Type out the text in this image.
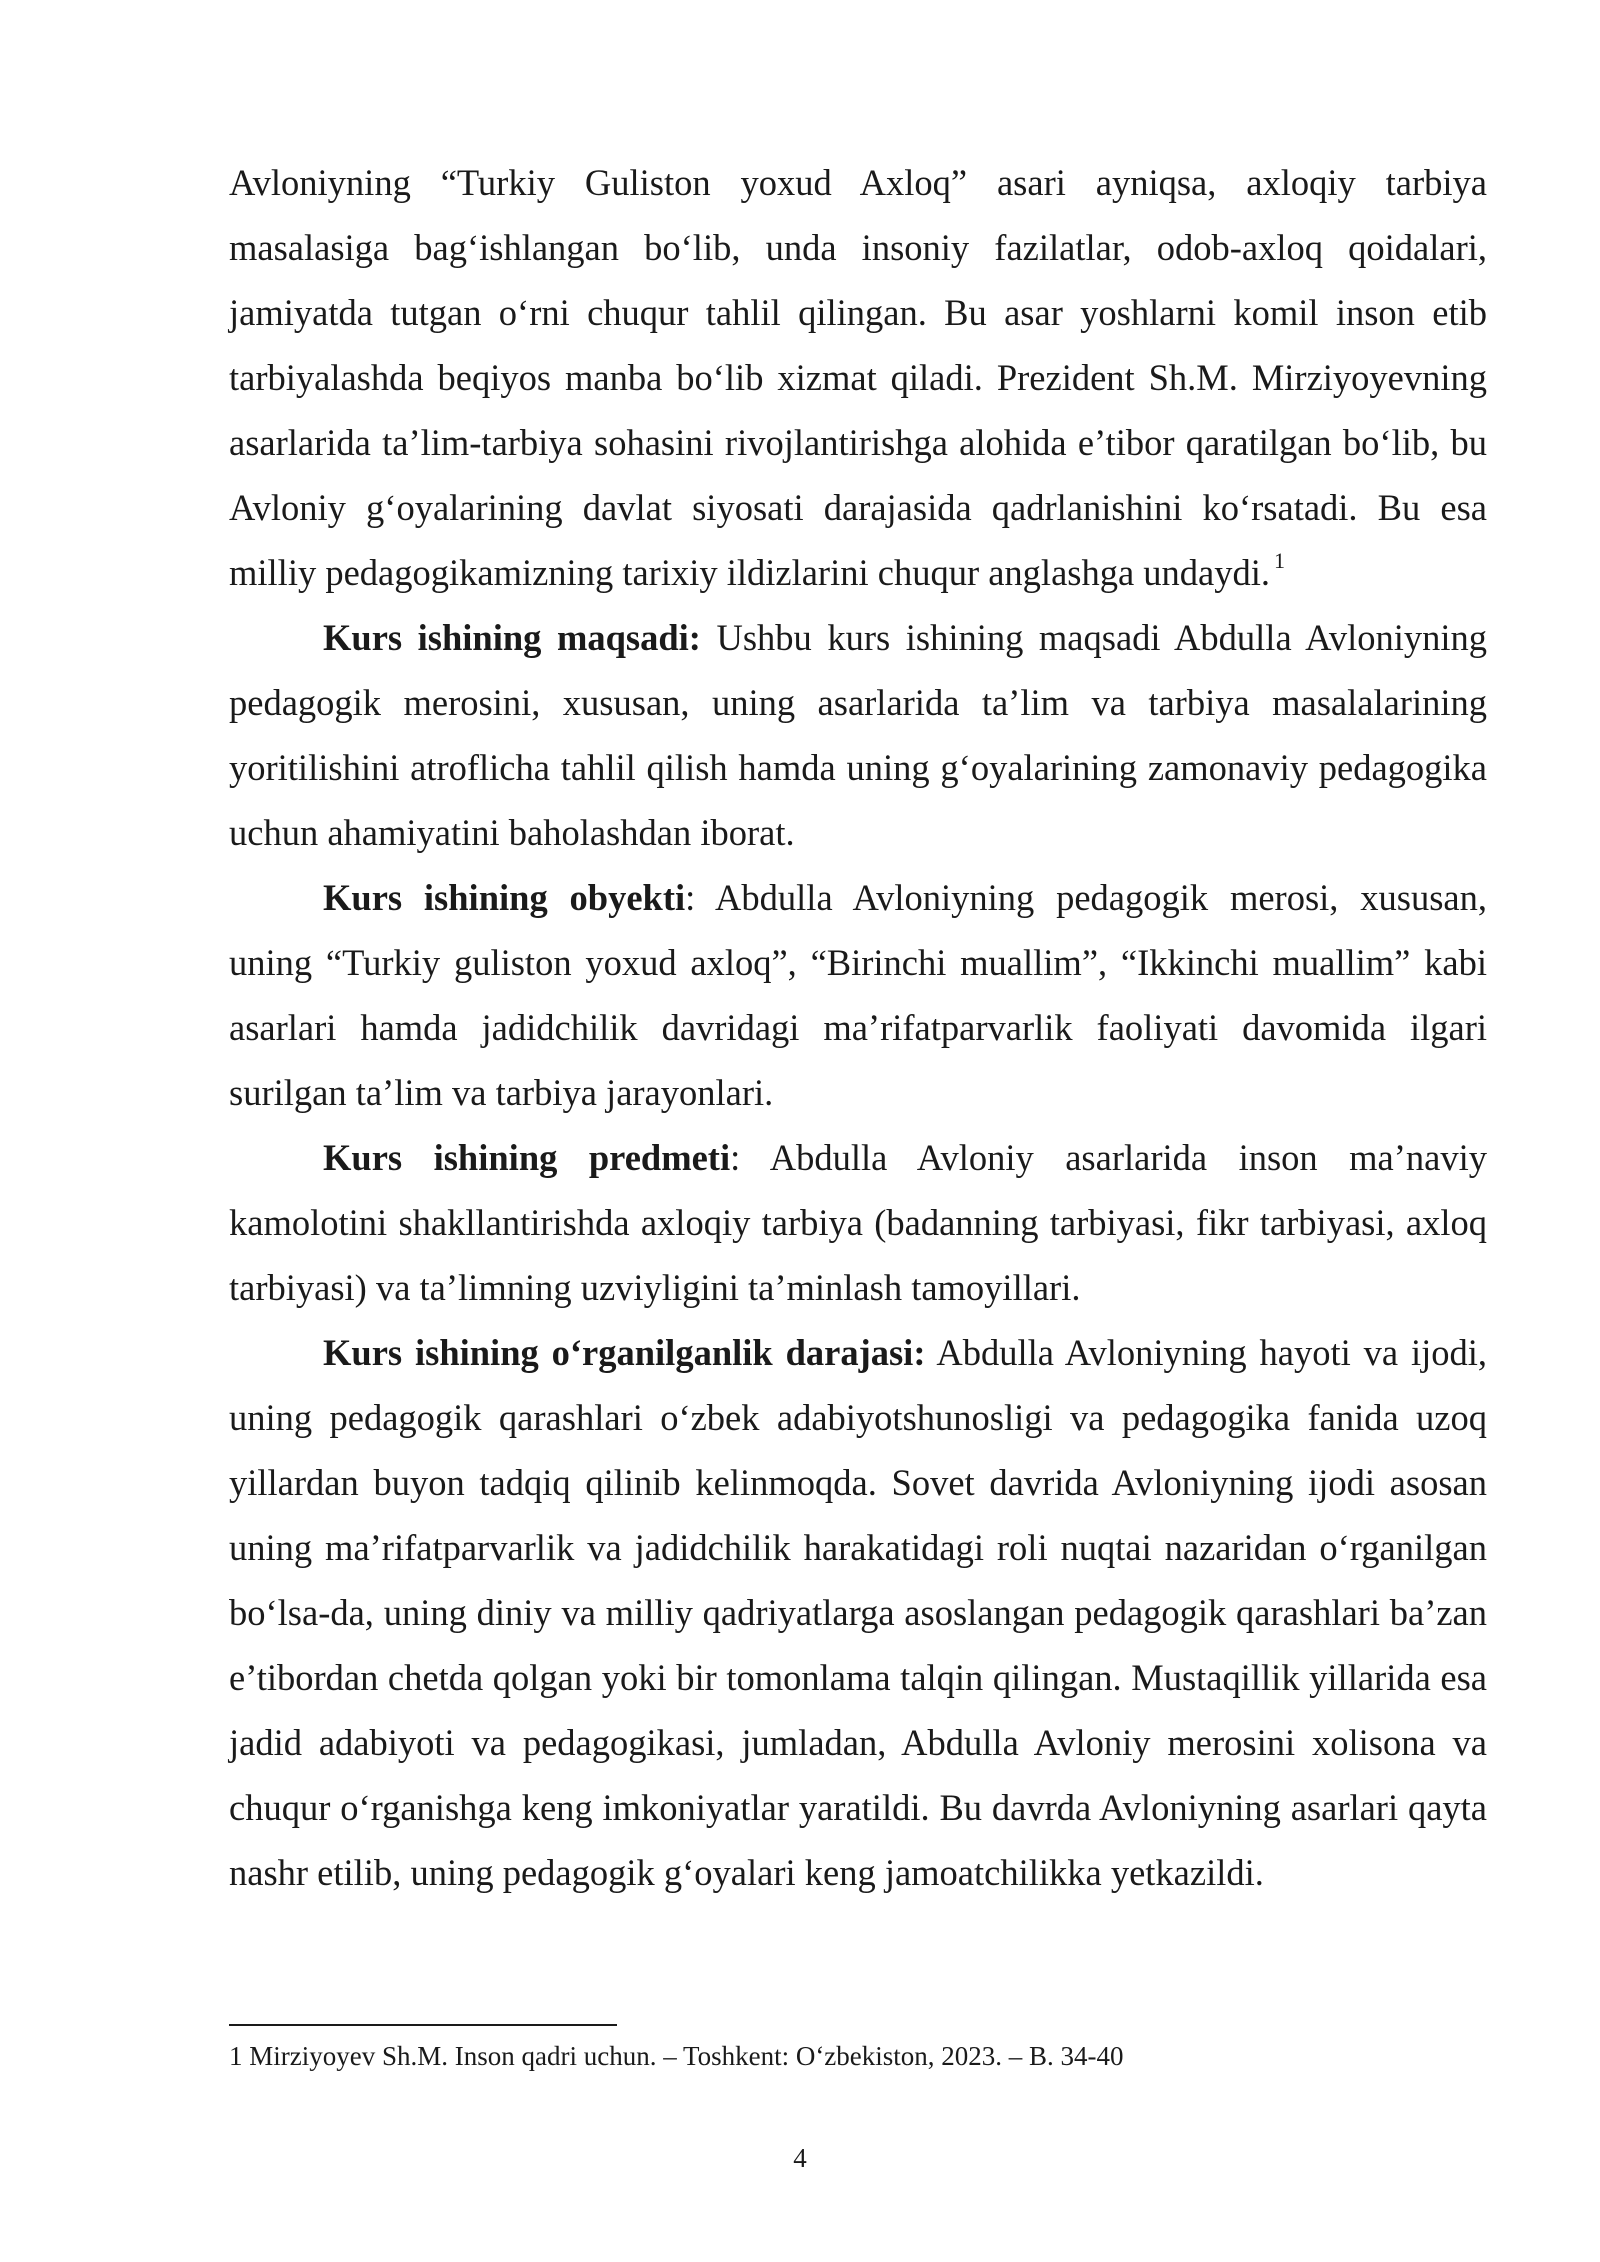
Avloniyning “Turkiy Guliston yoxud Axloq” asari ayniqsa, axloqiy tarbiya masalasiga bag‘ishlangan bo‘lib, unda insoniy fazilatlar, odob-axloq qoidalari, jamiyatda tutgan o‘rni chuqur tahlil qilingan. Bu asar yoshlarni komil inson etib tarbiyalashda beqiyos manba bo‘lib xizmat qiladi. Prezident Sh.M. Mirziyoyevning asarlarida ta’lim-tarbiya sohasini rivojlantirishga alohida e’tibor qaratilgan bo‘lib, bu Avloniy g‘oyalarining davlat siyosati darajasida qadrlanishini ko‘rsatadi. Bu esa milliy pedagogikamizning tarixiy ildizlarini chuqur anglashga undaydi. $^1$

Kurs ishining maqsadi: Ushbu kurs ishining maqsadi Abdulla Avloniyning pedagogik merosini, xususan, uning asarlarida ta’lim va tarbiya masalalarining yoritilishini atroflicha tahlil qilish hamda uning g‘oyalarining zamonaviy pedagogika uchun ahamiyatini baholashdan iborat.

Kurs ishining obyekti: Abdulla Avloniyning pedagogik merosi, xususan, uning “Turkiy guliston yoxud axloq”, “Birinchi muallim”, “Ikkinchi muallim” kabi asarlari hamda jadidchilik davridagi ma’rifatparvarlik faoliyati davomida ilgari surilgan ta’lim va tarbiya jarayonlari.

Kurs ishining predmeti: Abdulla Avloniy asarlarida inson ma’naviy kamolotini shakllantirishda axloqiy tarbiya (badanning tarbiyasi, fikr tarbiyasi, axloq tarbiyasi) va ta’limning uzviyligini ta’minlash tamoyillari.

Kurs ishining o‘rganilganlik darajasi: Abdulla Avloniyning hayoti va ijodi, uning pedagogik qarashlari o‘zbek adabiyotshunosligi va pedagogika fanida uzoq yillardan buyon tadqiq qilinib kelinmoqda. Sovet davrida Avloniyning ijodi asosan uning ma’rifatparvarlik va jadidchilik harakatidagi roli nuqtai nazaridan o‘rganilgan bo‘lsa-da, uning diniy va milliy qadriyatlarga asoslangan pedagogik qarashlari ba’zan e’tibordan chetda qolgan yoki bir tomonlama talqin qilingan. Mustaqillik yillarida esa jadid adabiyoti va pedagogikasi, jumladan, Abdulla Avloniy merosini xolisona va chuqur o‘rganishga keng imkoniyatlar yaratildi. Bu davrda Avloniyning asarlari qayta nashr etilib, uning pedagogik g‘oyalari keng jamoatchilikka yetkazildi.

1 Mirziyoyev Sh.M. Inson qadri uchun. – Toshkent: O‘zbekiston, 2023. – B. 34-40
4
